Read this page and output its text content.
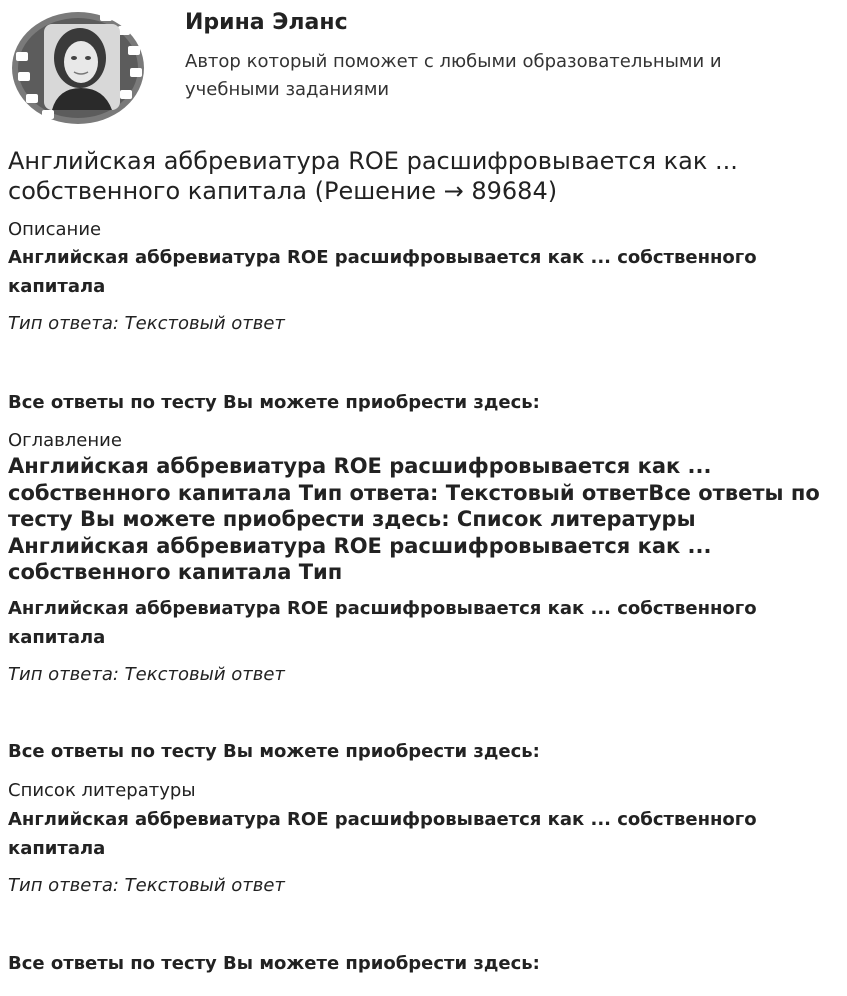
Ирина Эланс
Автор который поможет с любыми образовательными и учебными заданиями
Английская аббревиатура ROE расшифровывается как ... собственного капитала (Решение → 89684)
Описание
Английская аббревиатура ROE расшифровывается как ... собственного капитала
Тип ответа: Текстовый ответ
Все ответы по тесту Вы можете приобрести здесь:
Оглавление
Английская аббревиатура ROE расшифровывается как ... собственного капитала Тип ответа: Текстовый ответВсе ответы по тесту Вы можете приобрести здесь: Список литературы Английская аббревиатура ROE расшифровывается как ... собственного капитала Тип
Английская аббревиатура ROE расшифровывается как ... собственного капитала
Тип ответа: Текстовый ответ
Все ответы по тесту Вы можете приобрести здесь:
Список литературы
Английская аббревиатура ROE расшифровывается как ... собственного капитала
Тип ответа: Текстовый ответ
Все ответы по тесту Вы можете приобрести здесь:
